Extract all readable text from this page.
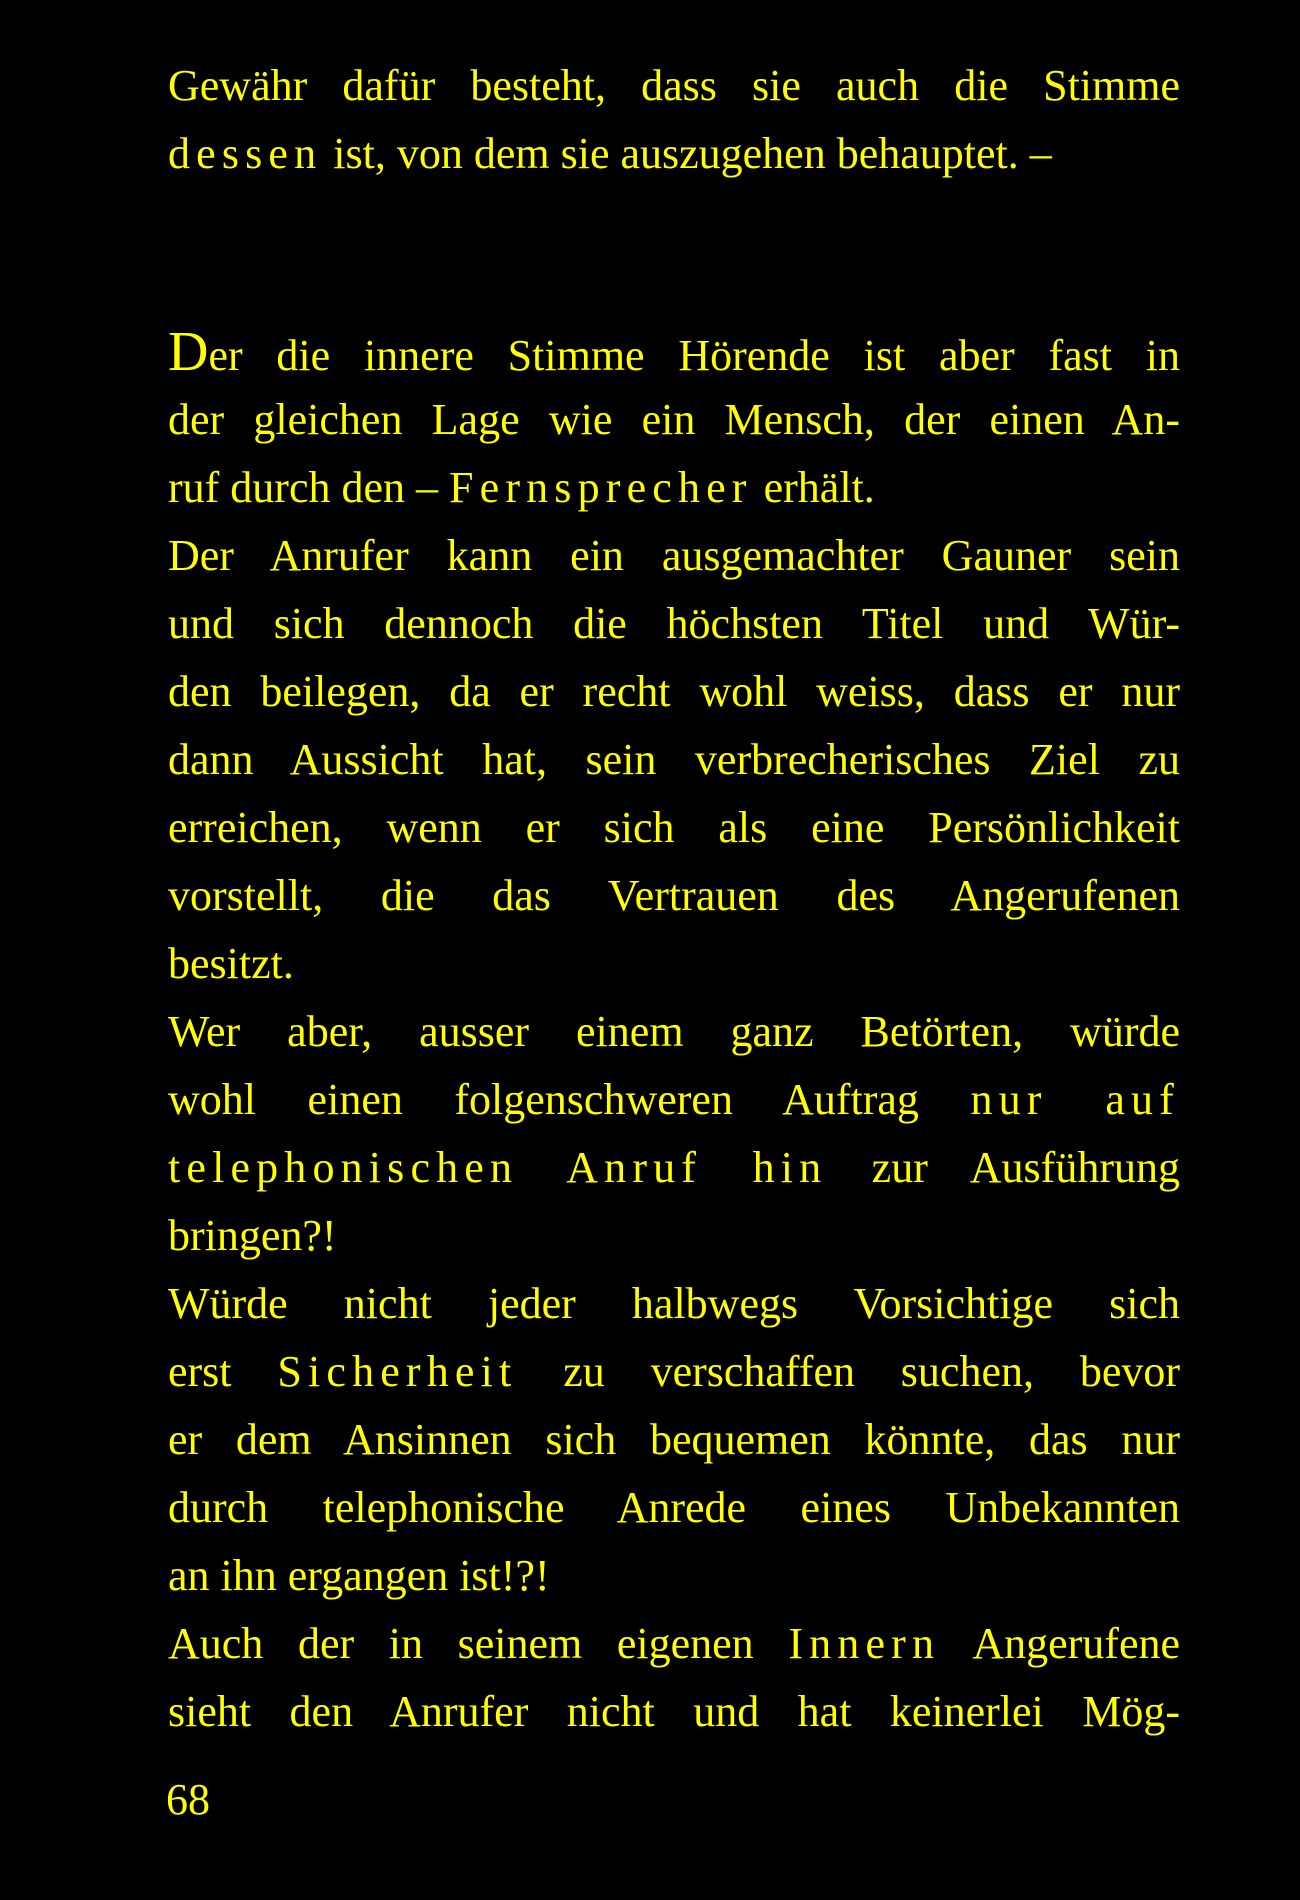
Gewähr dafür besteht, dass sie auch die Stimme
dessen ist, von dem sie auszugehen behauptet. –
Der die innere Stimme Hörende ist aber fast in
der gleichen Lage wie ein Mensch, der einen An-
ruf durch den – Fernsprecher erhält.
Der Anrufer kann ein ausgemachter Gauner sein
und sich dennoch die höchsten Titel und Wür-
den beilegen, da er recht wohl weiss, dass er nur
dann Aussicht hat, sein verbrecherisches Ziel zu
erreichen, wenn er sich als eine Persönlichkeit
vorstellt, die das Vertrauen des Angerufenen
besitzt.
Wer aber, ausser einem ganz Betörten, würde
wohl einen folgenschweren Auftrag nur auf
telephonischen Anruf hin zur Ausführung
bringen?!
Würde nicht jeder halbwegs Vorsichtige sich
erst Sicherheit zu verschaffen suchen, bevor
er dem Ansinnen sich bequemen könnte, das nur
durch telephonische Anrede eines Unbekannten
an ihn ergangen ist!?!
Auch der in seinem eigenen Innern Angerufene
sieht den Anrufer nicht und hat keinerlei Mög-
68
